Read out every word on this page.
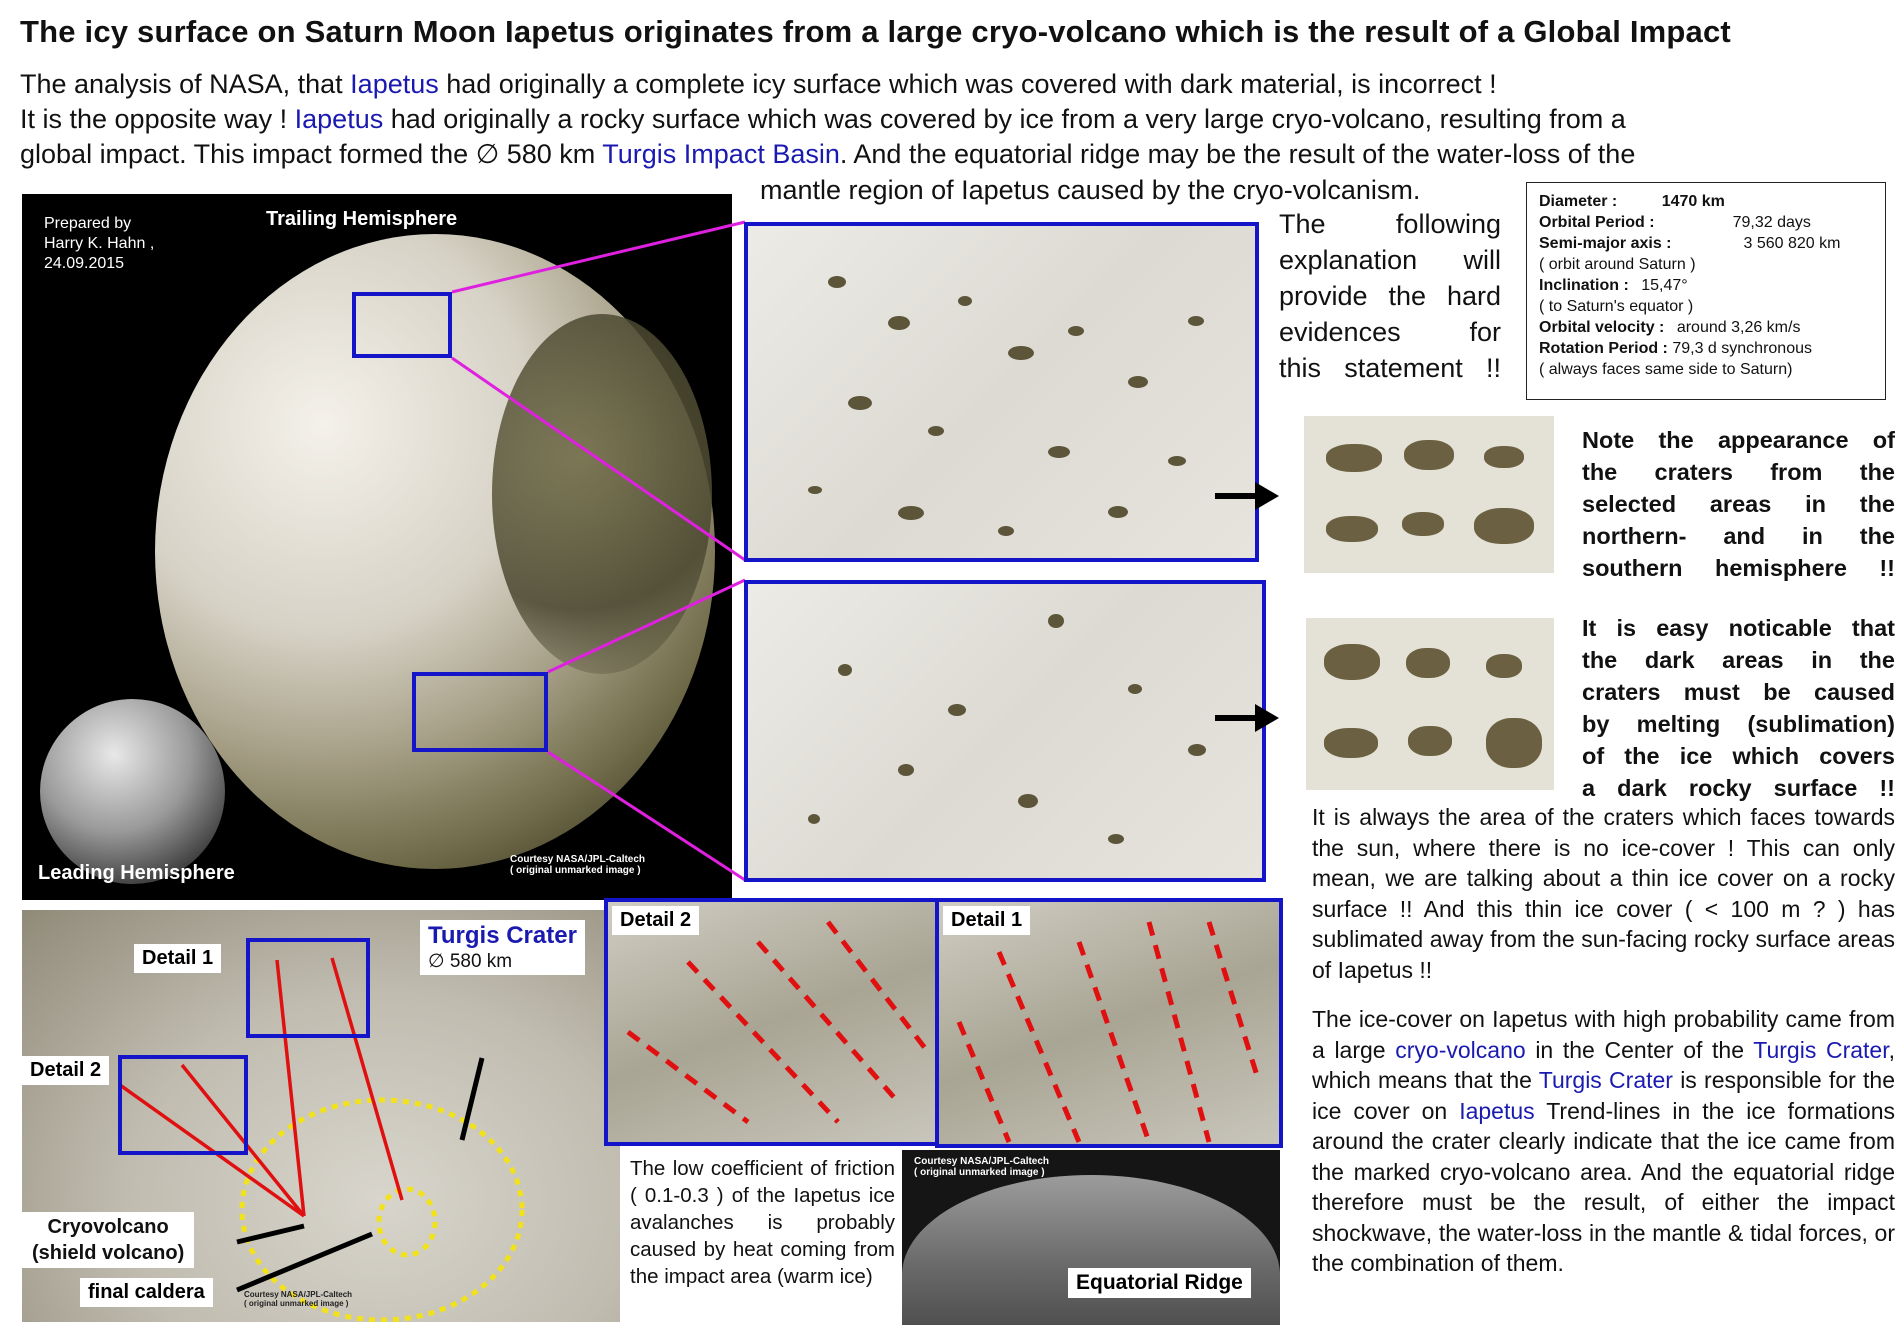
The icy surface on Saturn Moon Iapetus originates from a large cryo-volcano which is the result of a Global Impact
The analysis of NASA, that Iapetus had originally a complete icy surface which was covered with dark material, is incorrect !
It is the opposite way ! Iapetus had originally a rocky surface which was covered by ice from a very large cryo-volcano, resulting from a
global impact. This impact formed the ∅ 580 km Turgis Impact Basin. And the equatorial ridge may be the result of the water-loss of the
mantle region of Iapetus caused by the cryo-volcanism.
Prepared by
Harry K. Hahn ,
24.09.2015
Trailing Hemisphere
Leading Hemisphere
Courtesy NASA/JPL-Caltech
( original unmarked image )
The following
explanation will
provide the hard
evidences for
this statement !!
Diameter :	1470 km
Orbital Period :	79,32 days
Semi-major axis :	3 560 820 km
( orbit around Saturn )
Inclination : 15,47°
( to Saturn's equator )
Orbital velocity : around 3,26 km/s
Rotation Period : 79,3 d synchronous
( always faces same side to Saturn)
Note the appearance of
the craters from the
selected areas in the
northern- and in the
southern hemisphere !!
It is easy noticable that
the dark areas in the
craters must be caused
by melting (sublimation)
of the ice which covers
a dark rocky surface !!
It is always the area of the craters which faces towards the sun, where there is no ice-cover ! This can only mean, we are talking about a thin ice cover on a rocky surface !! And this thin ice cover ( < 100 m ? ) has sublimated away from the sun-facing rocky surface areas of Iapetus !!
The ice-cover on Iapetus with high probability came from a large cryo-volcano in the Center of the Turgis Crater, which means that the Turgis Crater is responsible for the ice cover on Iapetus Trend-lines in the ice formations around the crater clearly indicate that the ice came from the marked cryo-volcano area. And the equatorial ridge therefore must be the result, of either the impact shockwave, the water-loss in the mantle & tidal forces, or the combination of them.
Detail 1
Detail 2
Turgis Crater
∅ 580 km
Cryovolcano
(shield volcano)
final caldera	Courtesy NASA/JPL-Caltech
( original unmarked image )
Detail 2	Detail 1
The low coefficient of friction ( 0.1-0.3 ) of the Iapetus ice avalanches is probably caused by heat coming from the impact area (warm ice)
Courtesy NASA/JPL-Caltech
( original unmarked image )
Equatorial Ridge
